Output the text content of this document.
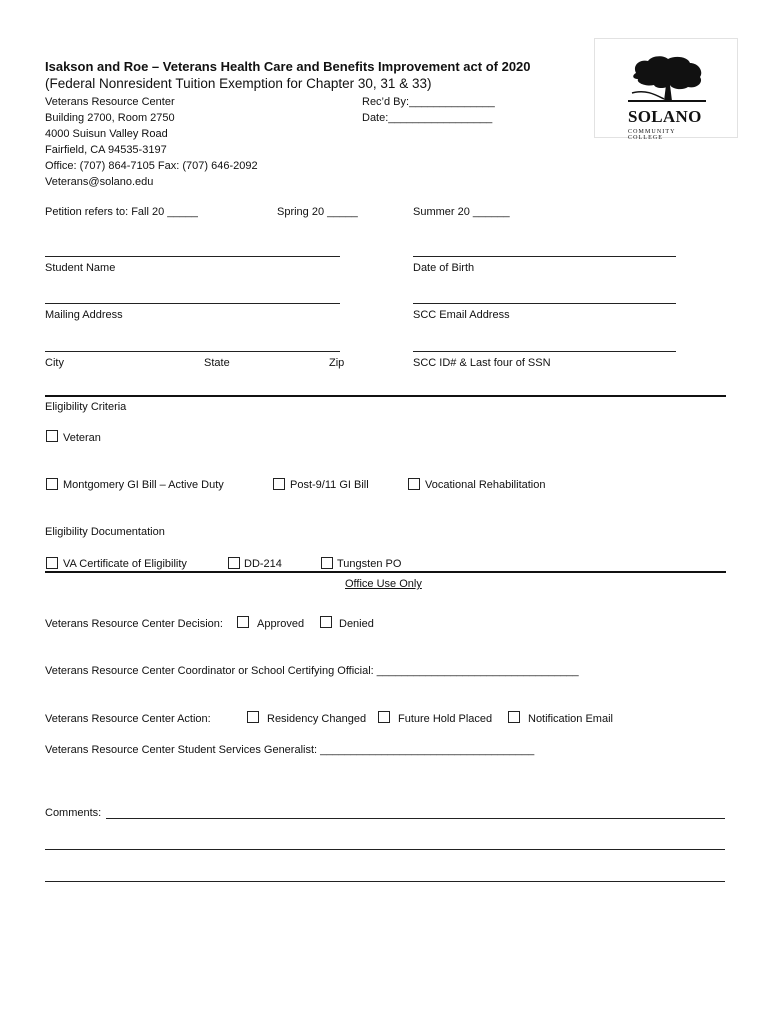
Isakson and Roe – Veterans Health Care and Benefits Improvement act of 2020
(Federal Nonresident Tuition Exemption for Chapter 30, 31 & 33)
Veterans Resource Center
Building 2700, Room 2750
4000 Suisun Valley Road
Fairfield, CA 94535-3197
Office: (707) 864-7105 Fax: (707) 646-2092
Veterans@solano.edu
Rec’d By:______________
Date:_________________	SOLANO
COMMUNITY COLLEGE
Petition refers to: Fall 20 _____	Spring 20 _____	Summer 20 ______
Student Name	Date of Birth
Mailing Address	SCC Email Address
City	State	Zip	SCC ID# & Last four of SSN
Eligibility Criteria
Veteran
Montgomery GI Bill – Active Duty	Post-9/11 GI Bill	Vocational Rehabilitation
Eligibility Documentation
VA Certificate of Eligibility	DD-214	Tungsten PO
Office Use Only
Veterans Resource Center Decision:	Approved	Denied
Veterans Resource Center Coordinator or School Certifying Official: _________________________________
Veterans Resource Center Action:	Residency Changed	Future Hold Placed	Notification Email
Veterans Resource Center Student Services Generalist: ___________________________________
Comments:
